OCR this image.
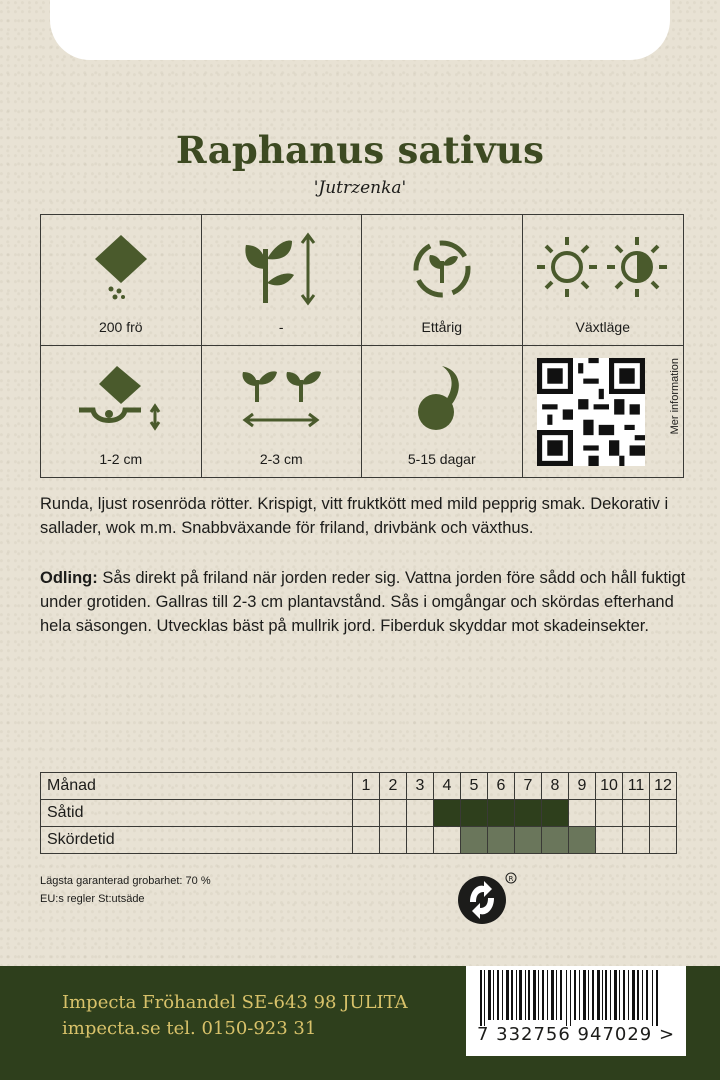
Raphanus sativus
'Jutrzenka'
200 frö	-	Ettårig	Växtläge
1-2 cm	2-3 cm	5-15 dagar
Mer information
Runda, ljust rosenröda rötter. Krispigt, vitt fruktkött med mild pepprig smak. Dekorativ i sallader, wok m.m. Snabbväxande för friland, drivbänk och växthus.
Odling: Sås direkt på friland när jorden reder sig. Vattna jorden före sådd och håll fuktigt under grotiden. Gallras till 2-3 cm plantavstånd. Sås i omgångar och skördas efterhand hela säsongen. Utvecklas bäst på mullrik jord. Fiberduk skyddar mot skadeinsekter.
Månad	1	2	3	4	5	6	7	8	9	10	11	12
Såtid												
Skördetid												
Lägsta garanterad grobarhet: 70 %
EU:s regler St:utsäde
R
Impecta Fröhandel SE-643 98 JULITA
impecta.se tel. 0150-923 31	7 332756 947029 >
